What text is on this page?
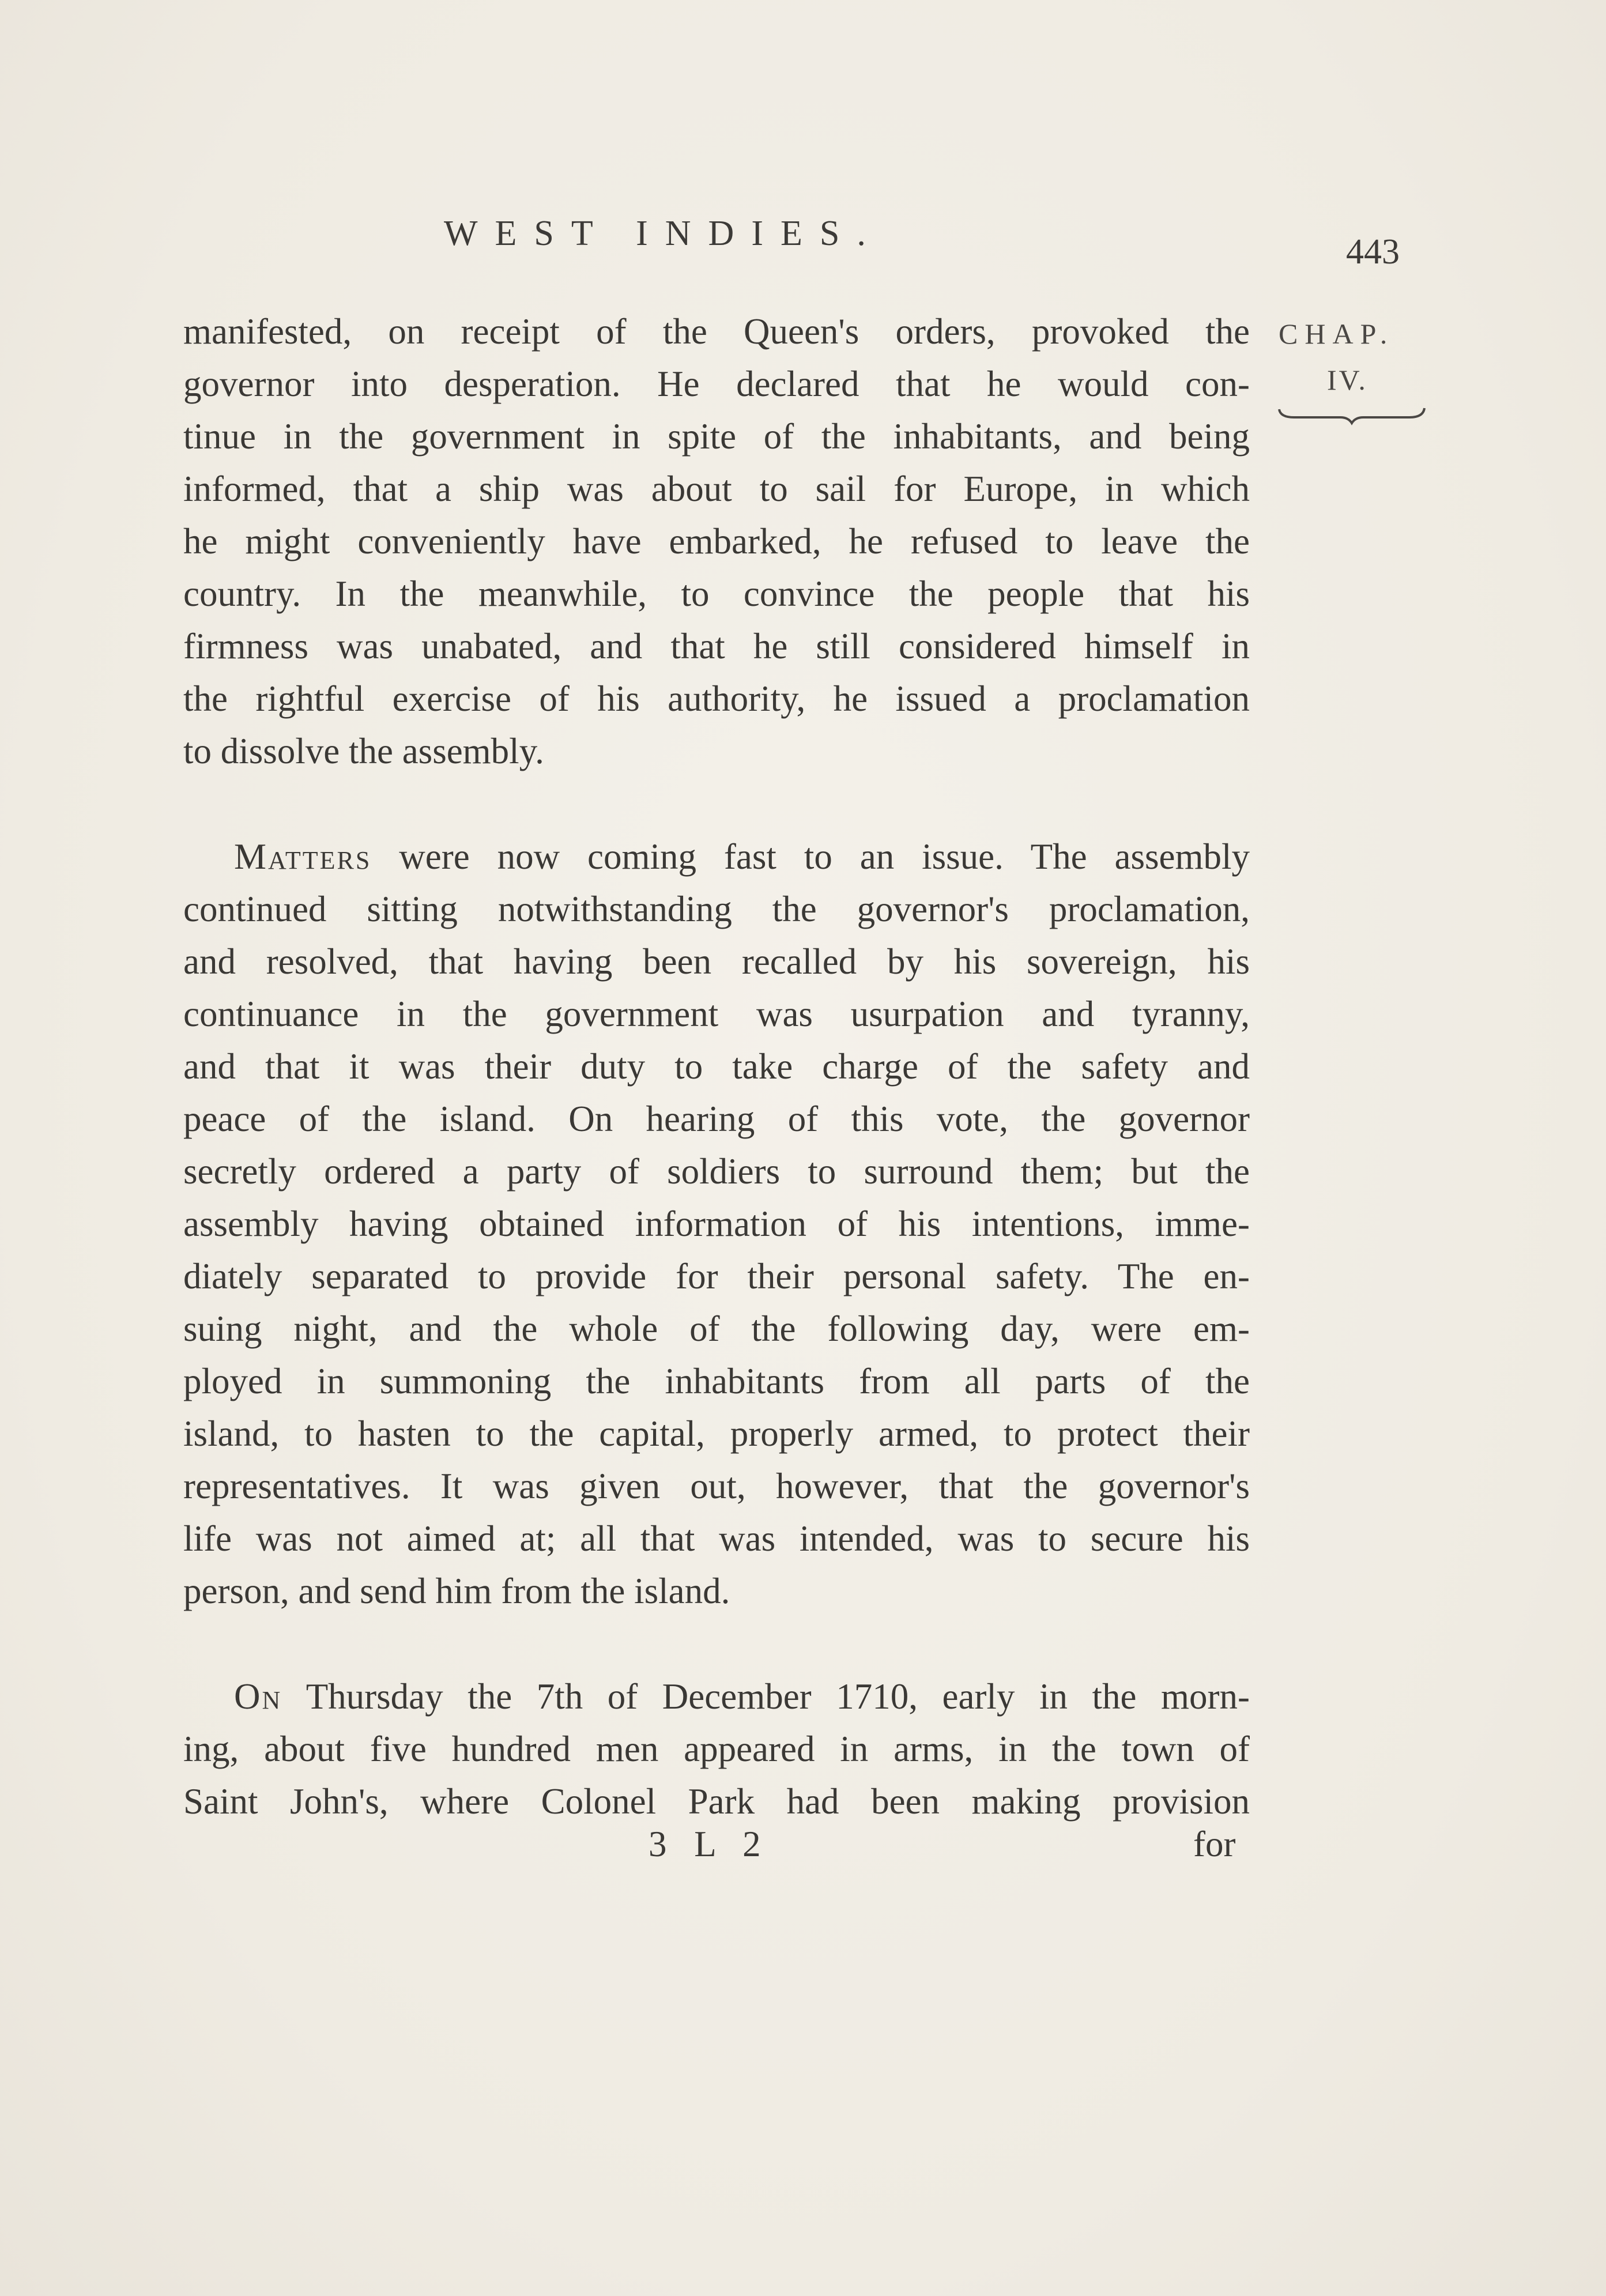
WEST INDIES.	443
CHAP.
IV.
manifested, on receipt of the Queen's orders, provoked the
governor into desperation. He declared that he would con-
tinue in the government in spite of the inhabitants, and being
informed, that a ship was about to sail for Europe, in which
he might conveniently have embarked, he refused to leave the
country. In the meanwhile, to convince the people that his
firmness was unabated, and that he still considered himself in
the rightful exercise of his authority, he issued a proclamation
to dissolve the assembly.
Matters were now coming fast to an issue. The assembly
continued sitting notwithstanding the governor's proclamation,
and resolved, that having been recalled by his sovereign, his
continuance in the government was usurpation and tyranny,
and that it was their duty to take charge of the safety and
peace of the island. On hearing of this vote, the governor
secretly ordered a party of soldiers to surround them; but the
assembly having obtained information of his intentions, imme-
diately separated to provide for their personal safety. The en-
suing night, and the whole of the following day, were em-
ployed in summoning the inhabitants from all parts of the
island, to hasten to the capital, properly armed, to protect their
representatives. It was given out, however, that the governor's
life was not aimed at; all that was intended, was to secure his
person, and send him from the island.
On Thursday the 7th of December 1710, early in the morn-
ing, about five hundred men appeared in arms, in the town of
Saint John's, where Colonel Park had been making provision
3 L 2	for
